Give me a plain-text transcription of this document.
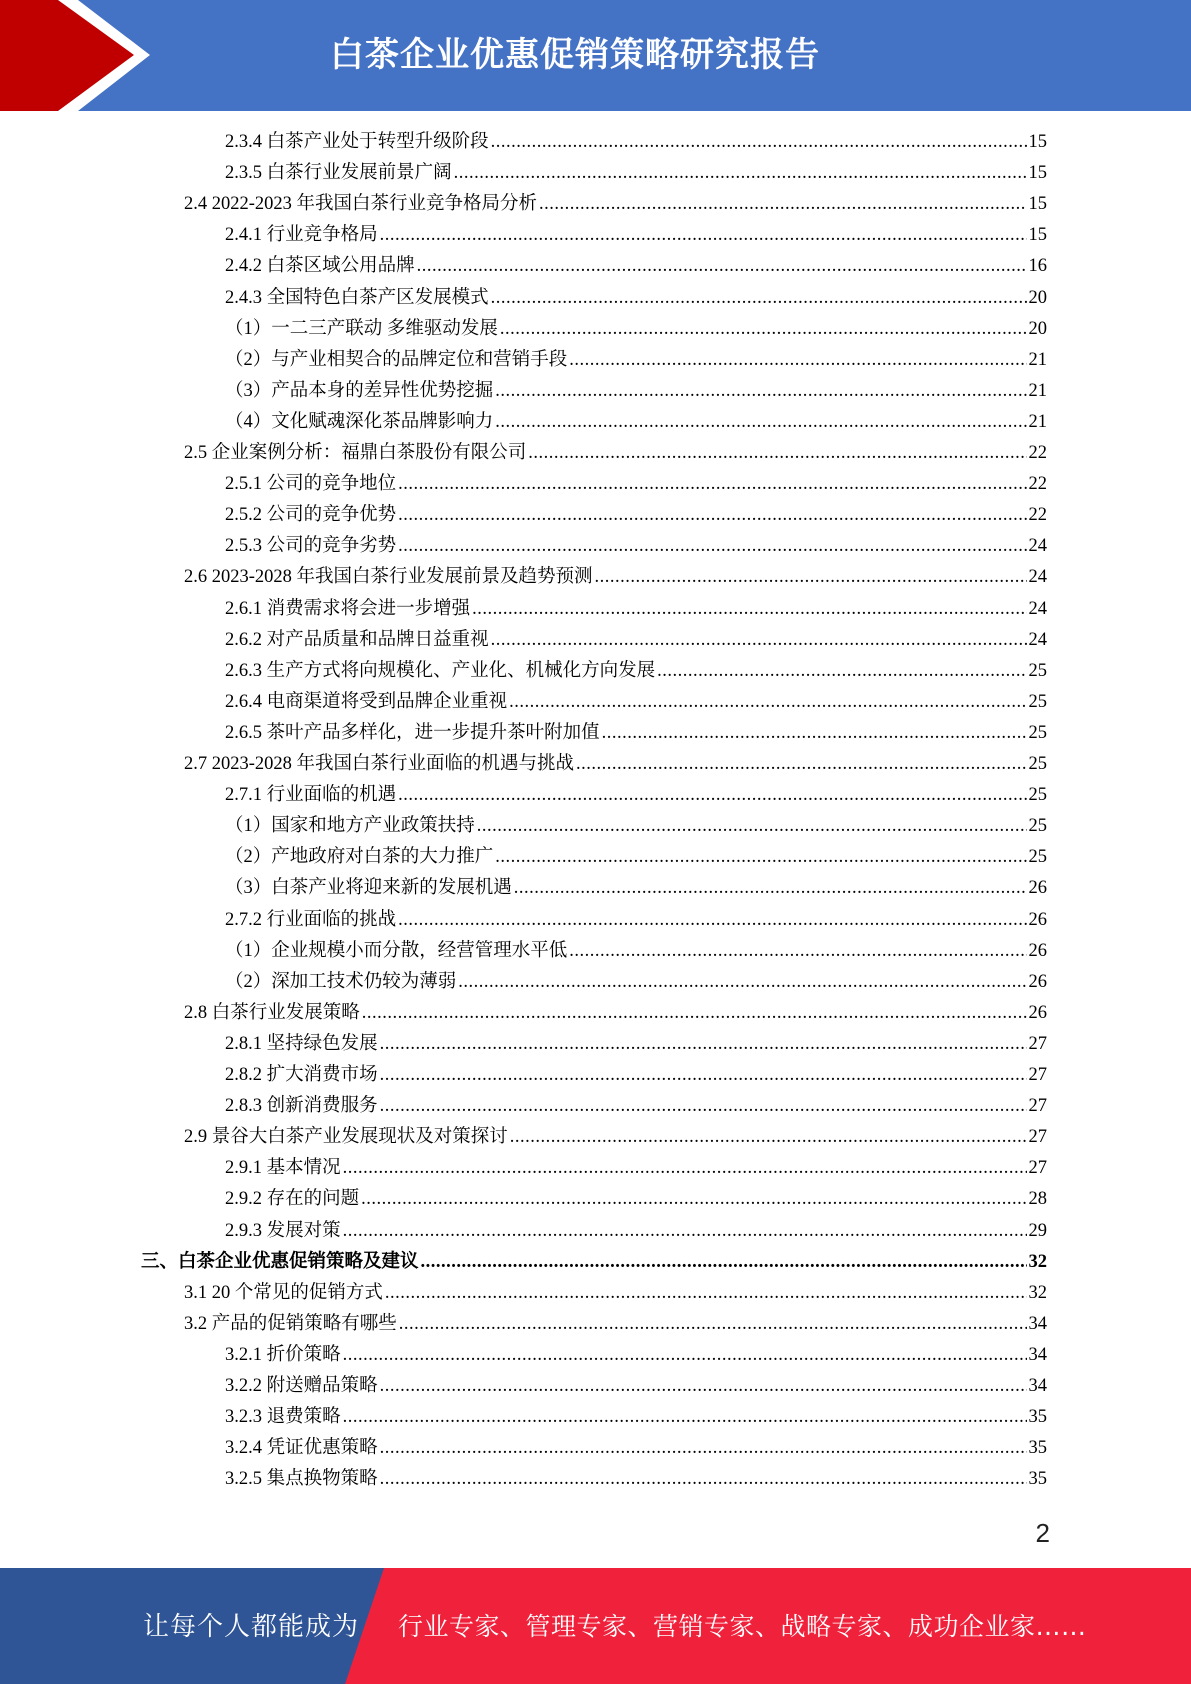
白茶企业优惠促销策略研究报告
2.3.4 白茶产业处于转型升级阶段 .....	15
2.3.5 白茶行业发展前景广阔 .....	15
2.4 2022-2023 年我国白茶行业竞争格局分析 .....	15
2.4.1 行业竞争格局 .....	15
2.4.2 白茶区域公用品牌 .....	16
2.4.3 全国特色白茶产区发展模式 .....	20
（1）一二三产联动 多维驱动发展 .....	20
（2）与产业相契合的品牌定位和营销手段 .....	21
（3）产品本身的差异性优势挖掘 .....	21
（4）文化赋魂深化茶品牌影响力 .....	21
2.5 企业案例分析：福鼎白茶股份有限公司 .....	22
2.5.1 公司的竞争地位 .....	22
2.5.2 公司的竞争优势 .....	22
2.5.3 公司的竞争劣势 .....	24
2.6 2023-2028 年我国白茶行业发展前景及趋势预测 .....	24
2.6.1 消费需求将会进一步增强 .....	24
2.6.2 对产品质量和品牌日益重视 .....	24
2.6.3 生产方式将向规模化、产业化、机械化方向发展 .....	25
2.6.4 电商渠道将受到品牌企业重视 .....	25
2.6.5 茶叶产品多样化，进一步提升茶叶附加值 .....	25
2.7 2023-2028 年我国白茶行业面临的机遇与挑战 .....	25
2.7.1 行业面临的机遇 .....	25
（1）国家和地方产业政策扶持 .....	25
（2）产地政府对白茶的大力推广 .....	25
（3）白茶产业将迎来新的发展机遇 .....	26
2.7.2 行业面临的挑战 .....	26
（1）企业规模小而分散，经营管理水平低 .....	26
（2）深加工技术仍较为薄弱 .....	26
2.8 白茶行业发展策略 .....	26
2.8.1 坚持绿色发展 .....	27
2.8.2 扩大消费市场 .....	27
2.8.3 创新消费服务 .....	27
2.9 景谷大白茶产业发展现状及对策探讨 .....	27
2.9.1 基本情况 .....	27
2.9.2 存在的问题 .....	28
2.9.3 发展对策 .....	29
三、白茶企业优惠促销策略及建议 .....	32
3.1 20 个常见的促销方式 .....	32
3.2 产品的促销策略有哪些 .....	34
3.2.1 折价策略 .....	34
3.2.2 附送赠品策略 .....	34
3.2.3 退费策略 .....	35
3.2.4 凭证优惠策略 .....	35
3.2.5 集点换物策略 .....	35
2
让每个人都能成为 行业专家、管理专家、营销专家、战略专家、成功企业家……
